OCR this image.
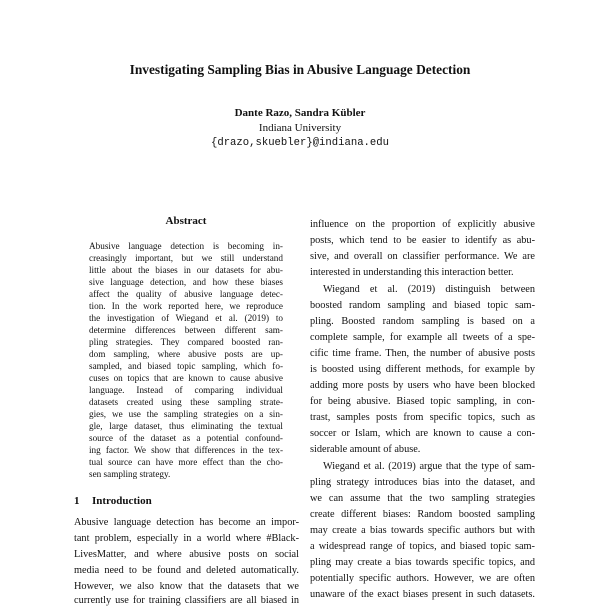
Investigating Sampling Bias in Abusive Language Detection
Dante Razo, Sandra Kübler
Indiana University
{drazo,skuebler}@indiana.edu
Abstract
Abusive language detection is becoming in-
creasingly important, but we still understand
little about the biases in our datasets for abu-
sive language detection, and how these biases
affect the quality of abusive language detec-
tion. In the work reported here, we reproduce
the investigation of Wiegand et al. (2019) to
determine differences between different sam-
pling strategies. They compared boosted ran-
dom sampling, where abusive posts are up-
sampled, and biased topic sampling, which fo-
cuses on topics that are known to cause abusive
language. Instead of comparing individual
datasets created using these sampling strate-
gies, we use the sampling strategies on a sin-
gle, large dataset, thus eliminating the textual
source of the dataset as a potential confound-
ing factor. We show that differences in the tex-
tual source can have more effect than the cho-
sen sampling strategy.
1 Introduction
Abusive language detection has become an impor-
tant problem, especially in a world where #Black-
LivesMatter, and where abusive posts on social
media need to be found and deleted automatically.
However, we also know that the datasets that we
currently use for training classifiers are all biased in
influence on the proportion of explicitly abusive
posts, which tend to be easier to identify as abu-
sive, and overall on classifier performance. We are
interested in understanding this interaction better.
Wiegand et al. (2019) distinguish between
boosted random sampling and biased topic sam-
pling. Boosted random sampling is based on a
complete sample, for example all tweets of a spe-
cific time frame. Then, the number of abusive posts
is boosted using different methods, for example by
adding more posts by users who have been blocked
for being abusive. Biased topic sampling, in con-
trast, samples posts from specific topics, such as
soccer or Islam, which are known to cause a con-
siderable amount of abuse.
Wiegand et al. (2019) argue that the type of sam-
pling strategy introduces bias into the dataset, and
we can assume that the two sampling strategies
create different biases: Random boosted sampling
may create a bias towards specific authors but with
a widespread range of topics, and biased topic sam-
pling may create a bias towards specific topics, and
potentially specific authors. However, we are often
unaware of the exact biases present in such datasets.
